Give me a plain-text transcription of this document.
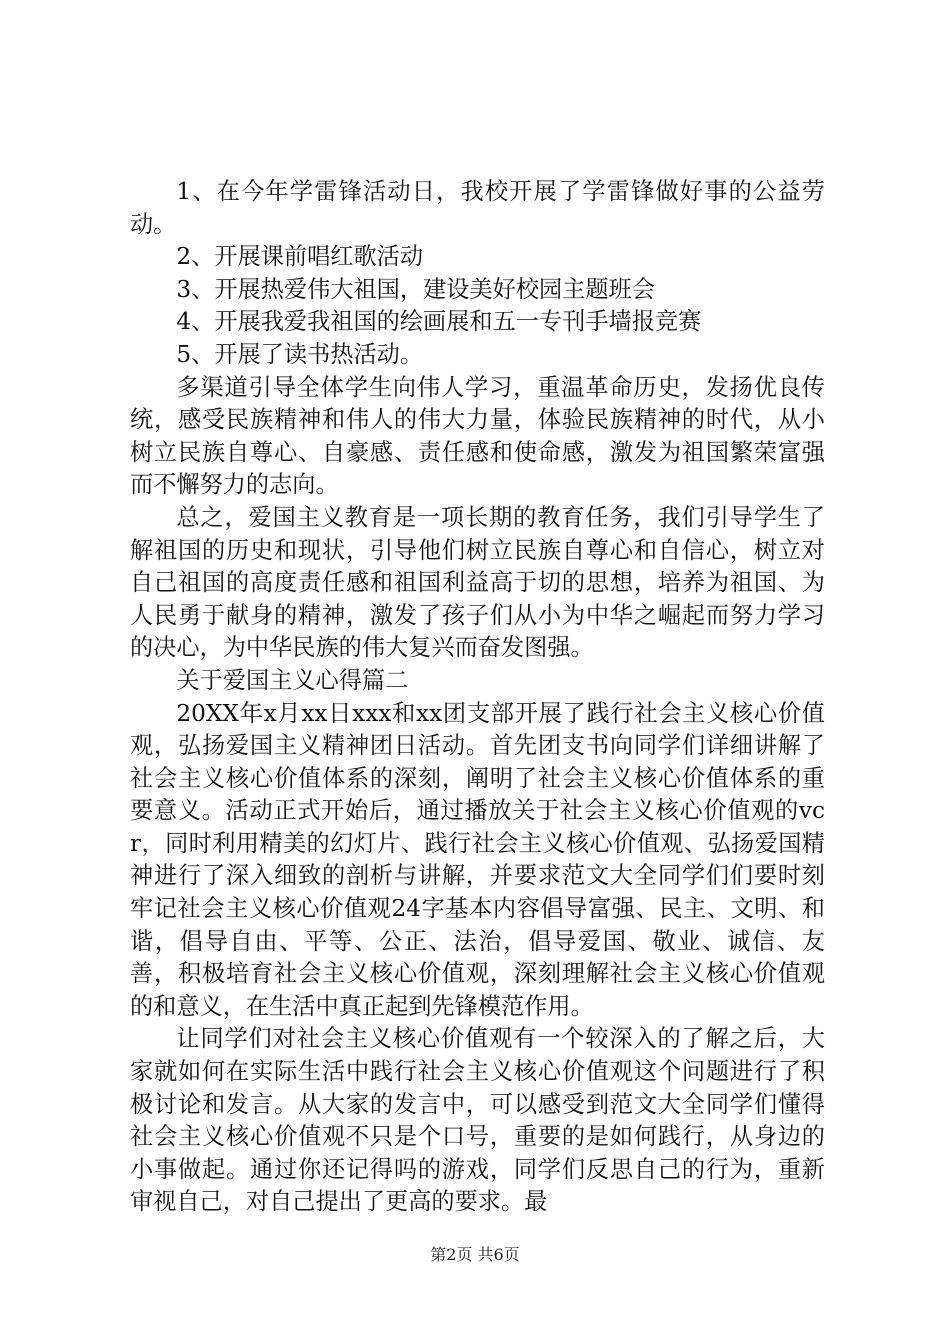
1、在今年学雷锋活动日，我校开展了学雷锋做好事的公益劳动。

2、开展课前唱红歌活动

3、开展热爱伟大祖国，建设美好校园主题班会

4、开展我爱我祖国的绘画展和五一专刊手墙报竞赛

5、开展了读书热活动。

多渠道引导全体学生向伟人学习，重温革命历史，发扬优良传统，感受民族精神和伟人的伟大力量，体验民族精神的时代，从小树立民族自尊心、自豪感、责任感和使命感，激发为祖国繁荣富强而不懈努力的志向。

总之，爱国主义教育是一项长期的教育任务，我们引导学生了解祖国的历史和现状，引导他们树立民族自尊心和自信心，树立对自己祖国的高度责任感和祖国利益高于切的思想，培养为祖国、为人民勇于献身的精神，激发了孩子们从小为中华之崛起而努力学习的决心，为中华民族的伟大复兴而奋发图强。

关于爱国主义心得篇二

20XX年x月xx日xxx和xx团支部开展了践行社会主义核心价值观，弘扬爱国主义精神团日活动。首先团支书向同学们详细讲解了社会主义核心价值体系的深刻，阐明了社会主义核心价值体系的重要意义。活动正式开始后，通过播放关于社会主义核心价值观的vcr，同时利用精美的幻灯片、践行社会主义核心价值观、弘扬爱国精神进行了深入细致的剖析与讲解，并要求范文大全同学们们要时刻牢记社会主义核心价值观24字基本内容倡导富强、民主、文明、和谐，倡导自由、平等、公正、法治，倡导爱国、敬业、诚信、友善，积极培育社会主义核心价值观，深刻理解社会主义核心价值观的和意义，在生活中真正起到先锋模范作用。

让同学们对社会主义核心价值观有一个较深入的了解之后，大家就如何在实际生活中践行社会主义核心价值观这个问题进行了积极讨论和发言。从大家的发言中，可以感受到范文大全同学们懂得社会主义核心价值观不只是个口号，重要的是如何践行，从身边的小事做起。通过你还记得吗的游戏，同学们反思自己的行为，重新审视自己，对自己提出了更高的要求。最

第2页 共6页
